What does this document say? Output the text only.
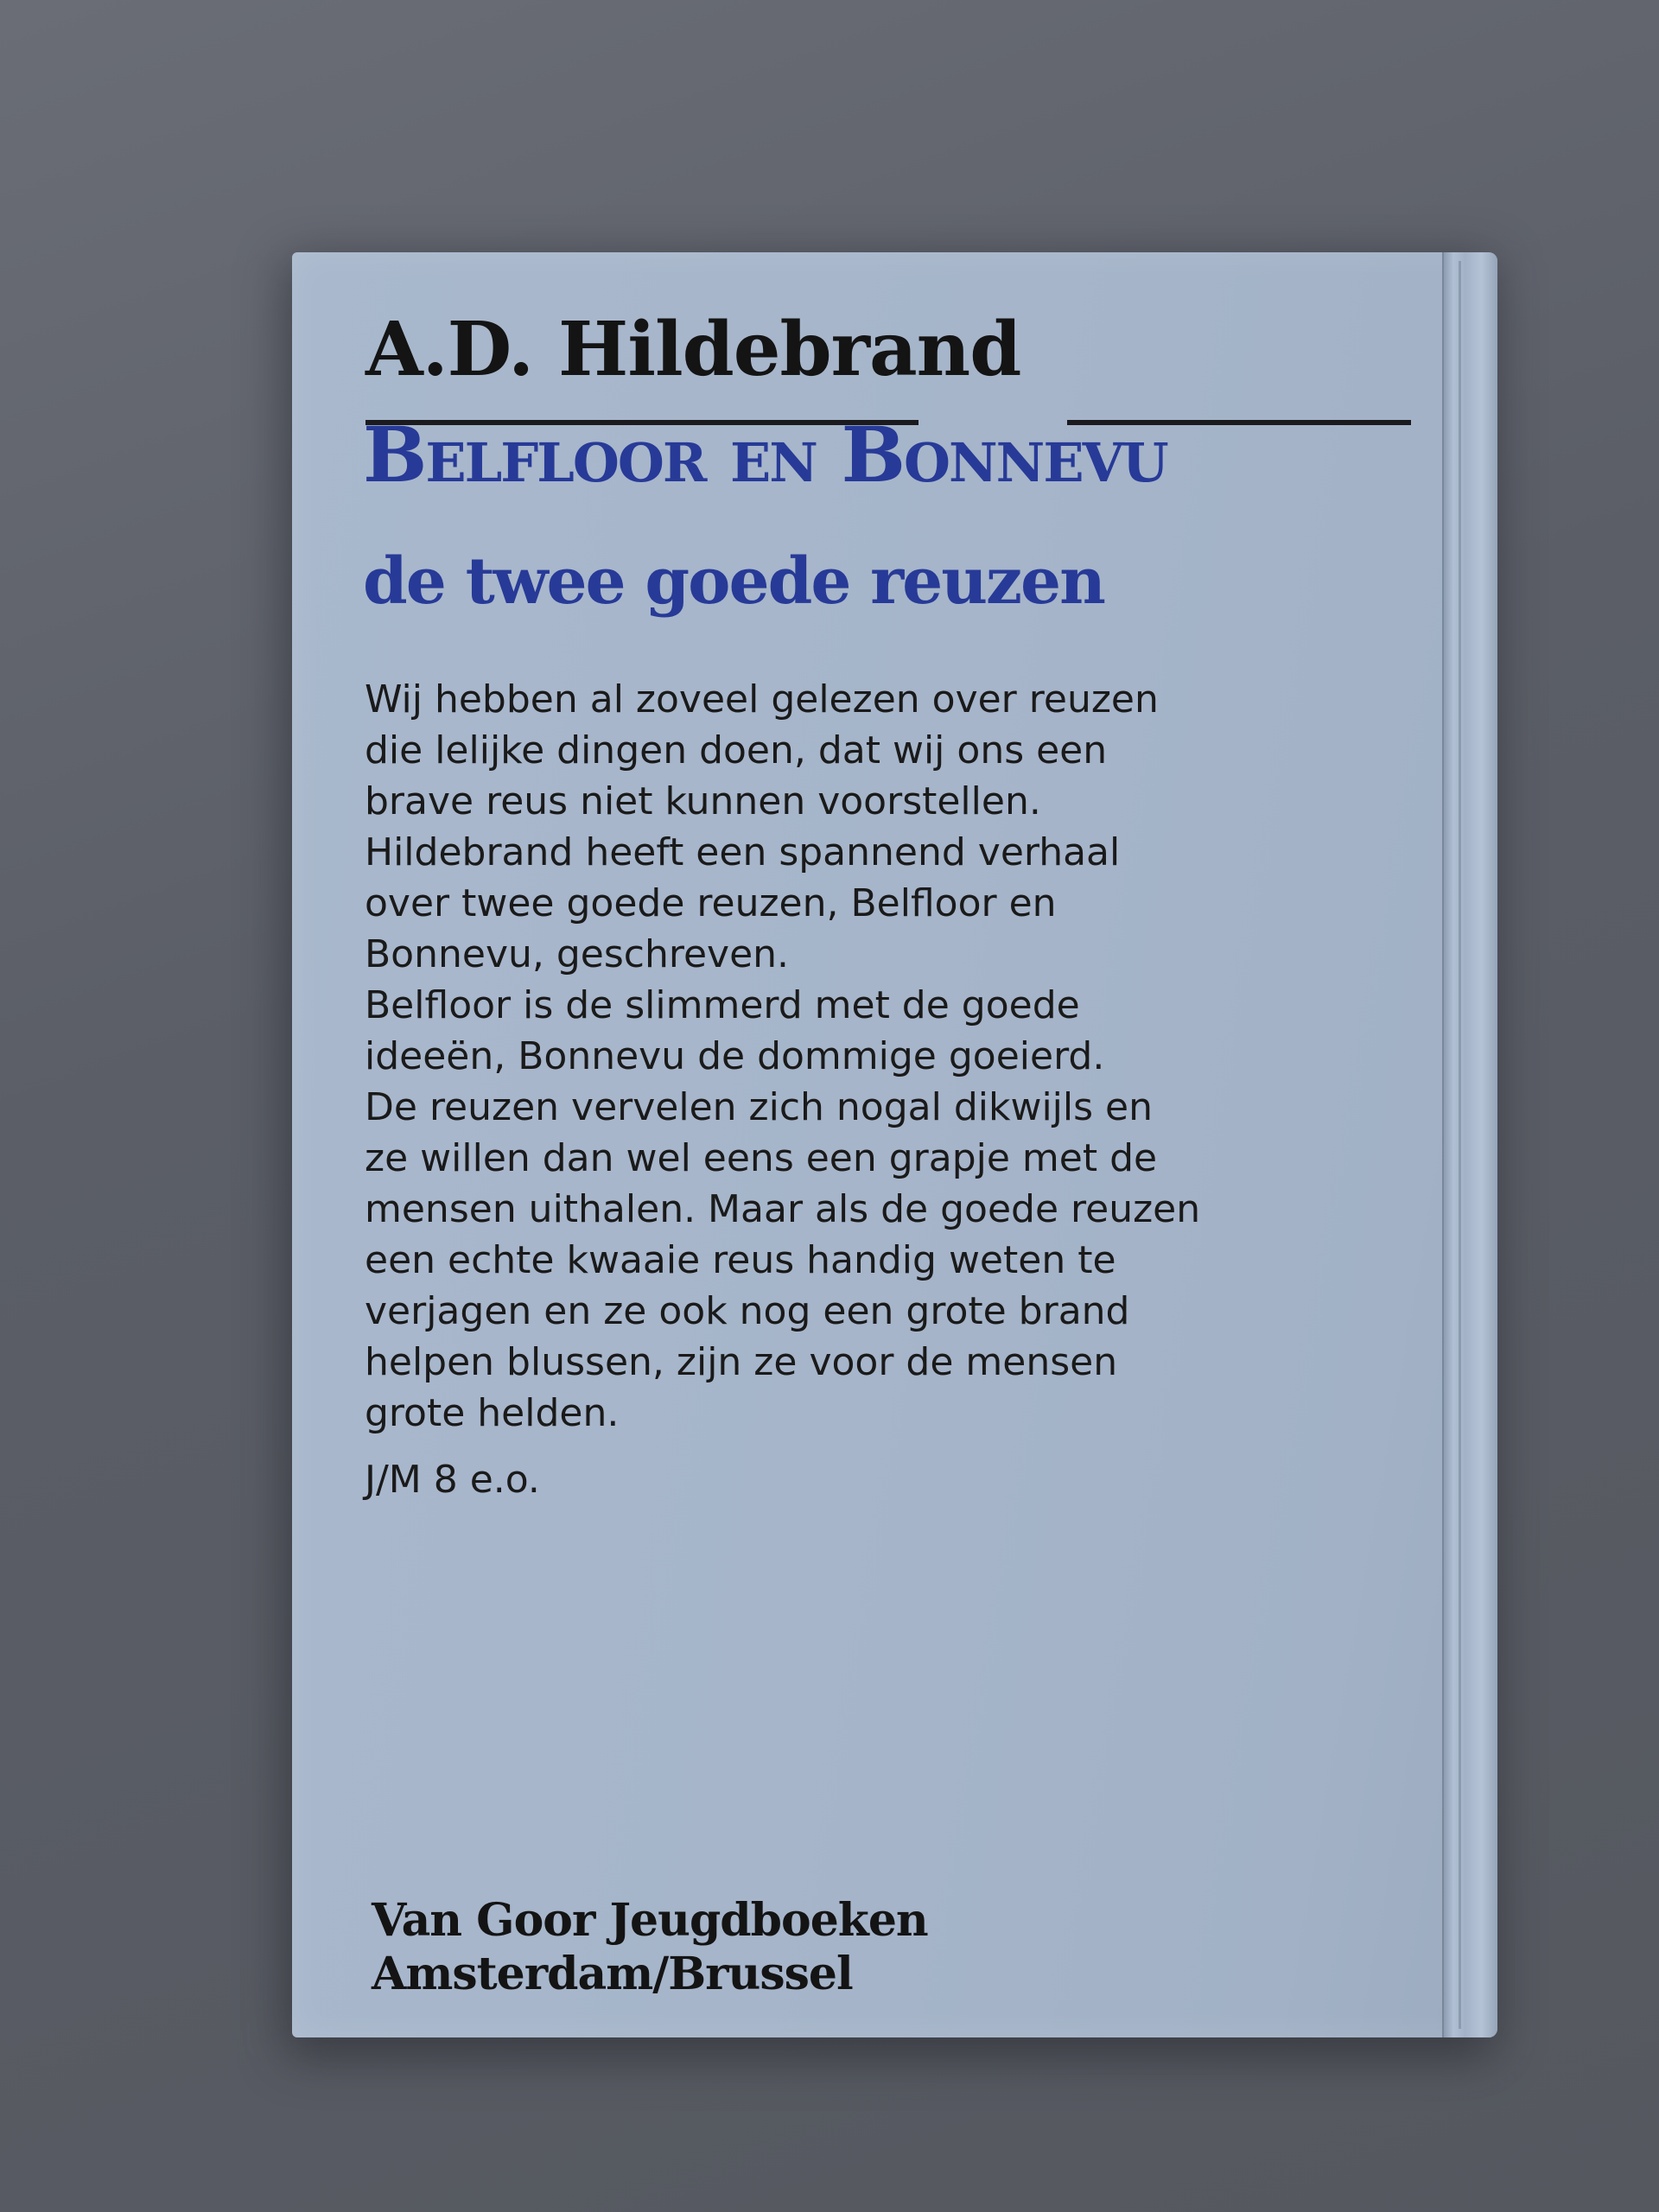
A.D. Hildebrand
Belfloor en Bonnevu
de twee goede reuzen
Wij hebben al zoveel gelezen over reuzen
die lelijke dingen doen, dat wij ons een
brave reus niet kunnen voorstellen.
Hildebrand heeft een spannend verhaal
over twee goede reuzen, Belfloor en
Bonnevu, geschreven.
Belfloor is de slimmerd met de goede
ideeën, Bonnevu de dommige goeierd.
De reuzen vervelen zich nogal dikwijls en
ze willen dan wel eens een grapje met de
mensen uithalen. Maar als de goede reuzen
een echte kwaaie reus handig weten te
verjagen en ze ook nog een grote brand
helpen blussen, zijn ze voor de mensen
grote helden.

J/M 8 e.o.

Van Goor Jeugdboeken
Amsterdam/Brussel
